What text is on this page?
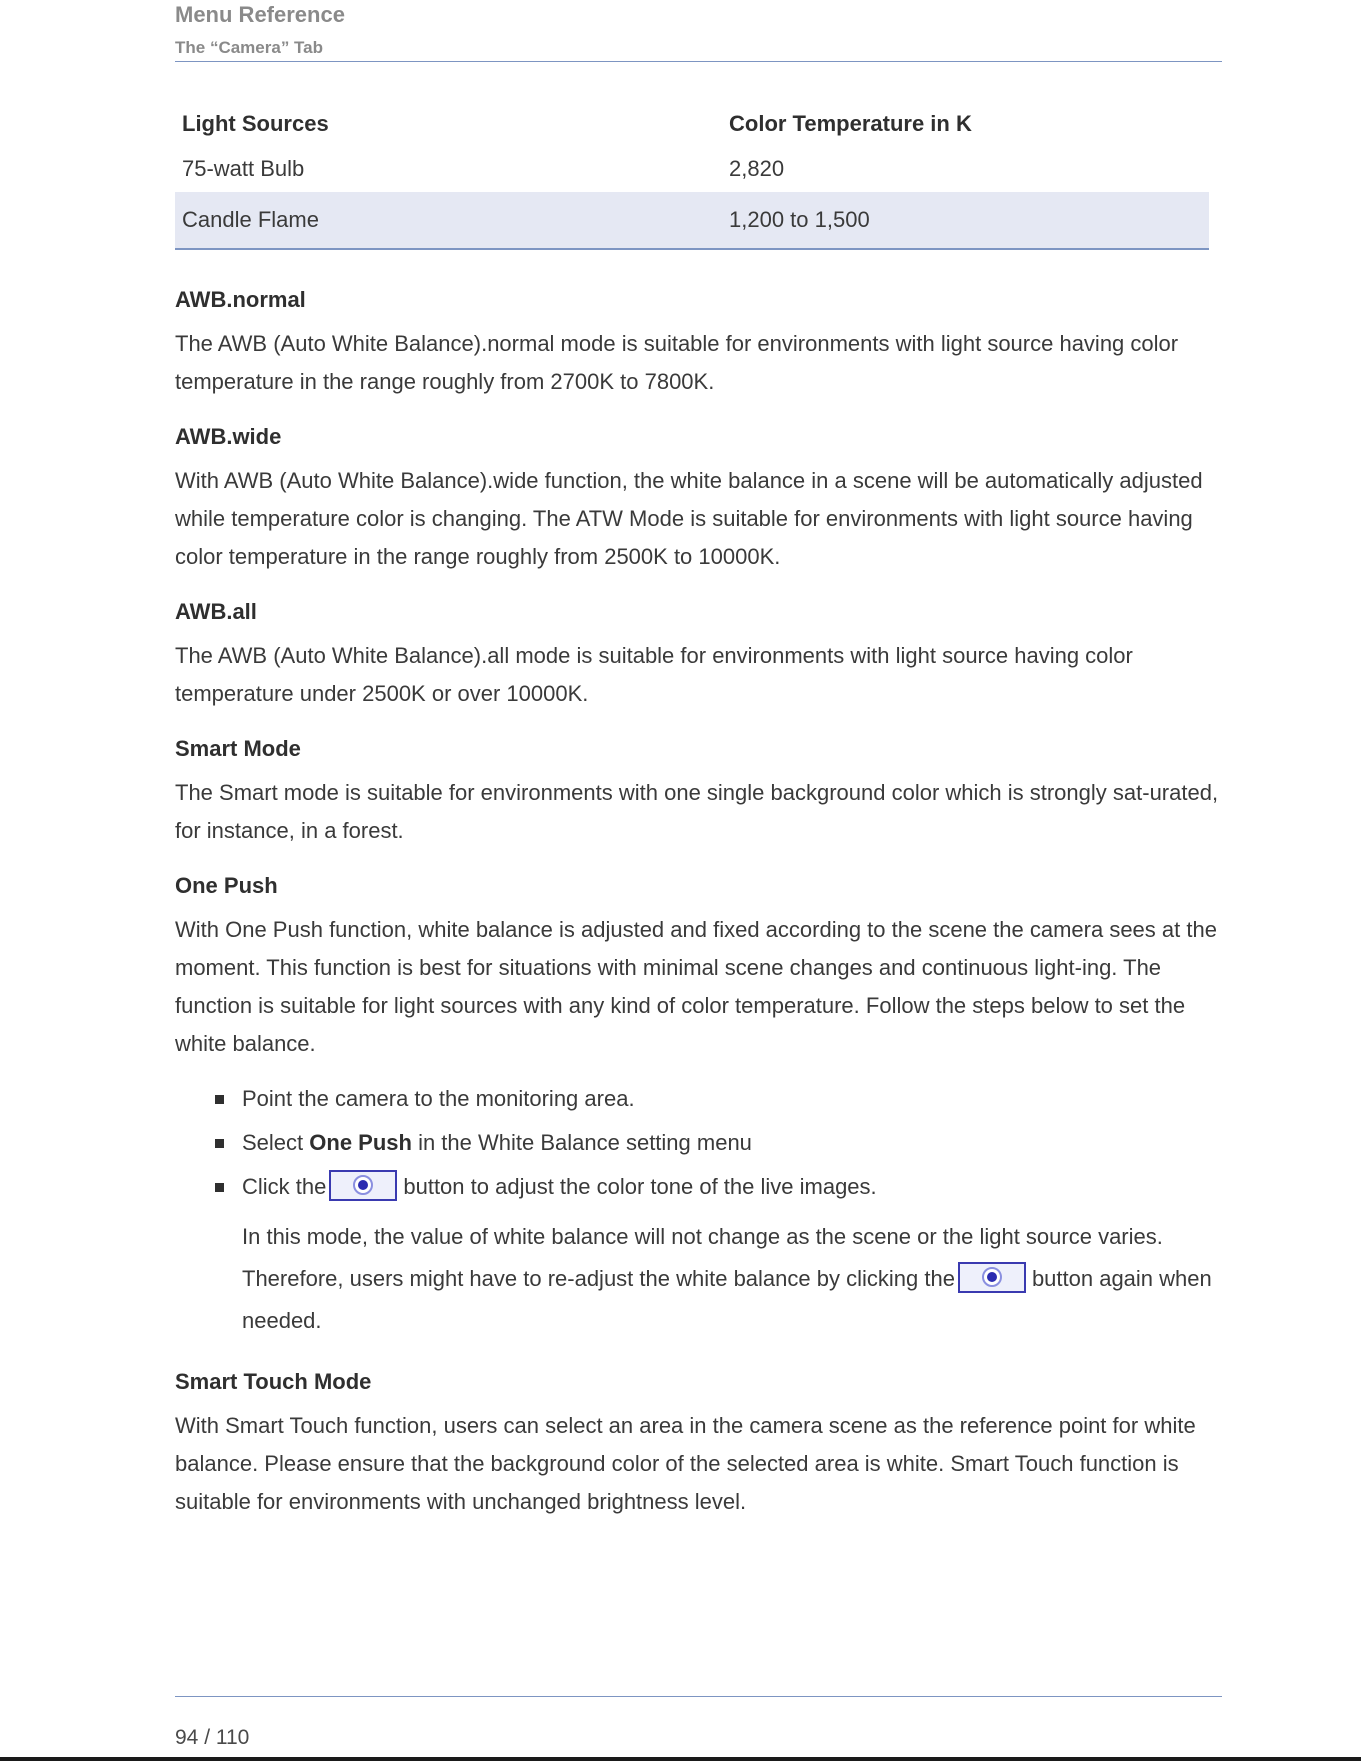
Menu Reference
The “Camera” Tab
Light Sources	Color Temperature in K
75-watt Bulb	2,820
Candle Flame	1,200 to 1,500
AWB.normal

The AWB (Auto White Balance).normal mode is suitable for environments with light source having color temperature in the range roughly from 2700K to 7800K.

AWB.wide

With AWB (Auto White Balance).wide function, the white balance in a scene will be automatically adjusted while temperature color is changing. The ATW Mode is suitable for environments with light source having color temperature in the range roughly from 2500K to 10000K.

AWB.all

The AWB (Auto White Balance).all mode is suitable for environments with light source having color temperature under 2500K or over 10000K.

Smart Mode

The Smart mode is suitable for environments with one single background color which is strongly sat-urated, for instance, in a forest.

One Push

With One Push function, white balance is adjusted and fixed according to the scene the camera sees at the moment. This function is best for situations with minimal scene changes and continuous light-ing. The function is suitable for light sources with any kind of color temperature. Follow the steps below to set the white balance.

Point the camera to the monitoring area.
Select One Push in the White Balance setting menu
Click the	button to adjust the color tone of the live images.
In this mode, the value of white balance will not change as the scene or the light source varies. Therefore, users might have to re-adjust the white balance by clicking the	button again when needed.
Smart Touch Mode

With Smart Touch function, users can select an area in the camera scene as the reference point for white balance. Please ensure that the background color of the selected area is white. Smart Touch function is suitable for environments with unchanged brightness level.

94 / 110
